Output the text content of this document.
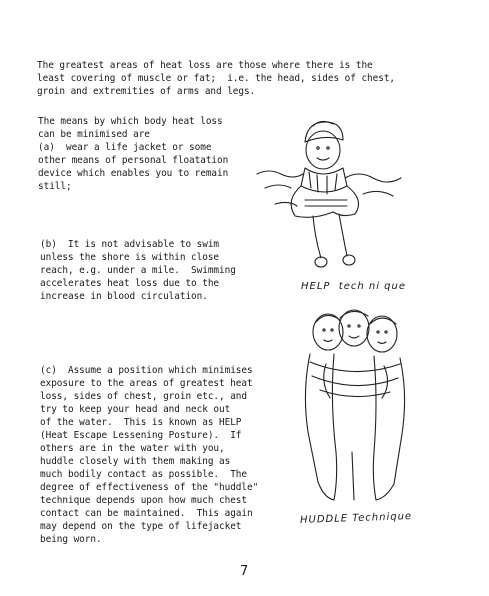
The greatest areas of heat loss are those where there is the
least covering of muscle or fat;  i.e. the head, sides of chest,
groin and extremities of arms and legs.
The means by which body heat loss
can be minimised are
(a)  wear a life jacket or some
other means of personal floatation
device which enables you to remain
still;
(b)  It is not advisable to swim
unless the shore is within close
reach, e.g. under a mile.  Swimming
accelerates heat loss due to the
increase in blood circulation.
(c)  Assume a position which minimises
exposure to the areas of greatest heat
loss, sides of chest, groin etc., and
try to keep your head and neck out
of the water.  This is known as HELP
(Heat Escape Lessening Posture).  If
others are in the water with you,
huddle closely with them making as
much bodily contact as possible.  The
degree of effectiveness of the "huddle"
technique depends upon how much chest
contact can be maintained.  This again
may depend on the type of lifejacket
being worn.
HELP  tech ni que
HUDDLE Technique
7
